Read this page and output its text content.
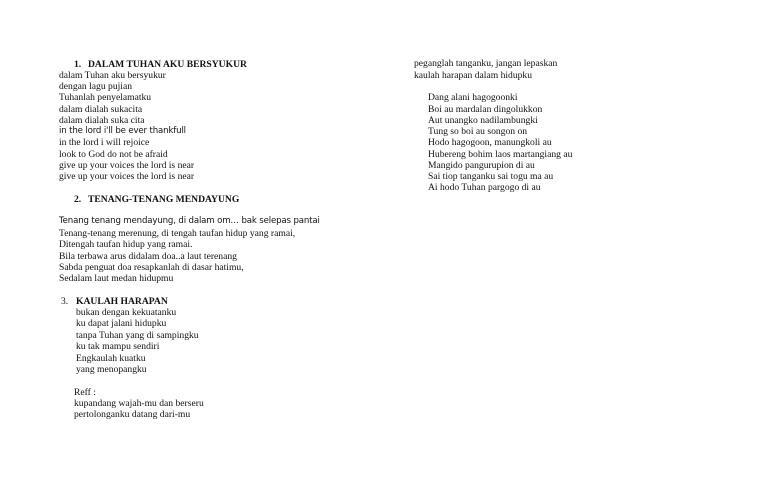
1. DALAM TUHAN AKU BERSYUKUR
dalam Tuhan aku bersyukur
dengan lagu pujian
Tuhanlah penyelamatku
dalam dialah sukacita
dalam dialah suka cita
in the lord i'll be ever thankfull
in the lord i will rejoice
look to God do not be afraid
give up your voices the lord is near
give up your voices the lord is near
2. TENANG-TENANG MENDAYUNG
Tenang tenang mendayung, di dalam om… bak selepas pantai
Tenang-tenang merenung, di tengah taufan hidup yang ramai,
Ditengah taufan hidup yang ramai.
Bila terbawa arus didalam doa..a laut terenang
Sabda penguat doa resapkanlah di dasar hatimu,
Sedalam laut medan hidupmu
3. KAULAH HARAPAN
bukan dengan kekuatanku
ku dapat jalani hidupku
tanpa Tuhan yang di sampingku
ku tak mampu sendiri
Engkaulah kuatku
yang menopangku
Reff :
kupandang wajah-mu dan berseru
pertolonganku datang dari-mu
peganglah tanganku, jangan lepaskan
kaulah harapan dalam hidupku
Dang alani hagogoonki
Boi au mardalan dingolukkon
Aut unangko nadilambungki
Tung so boi au songon on
Hodo hagogoon, manungkoli au
Hubereng bohim laos martangiang au
Mangido pangurupion di au
Sai tiop tanganku sai togu ma au
Ai hodo Tuhan pargogo di au
